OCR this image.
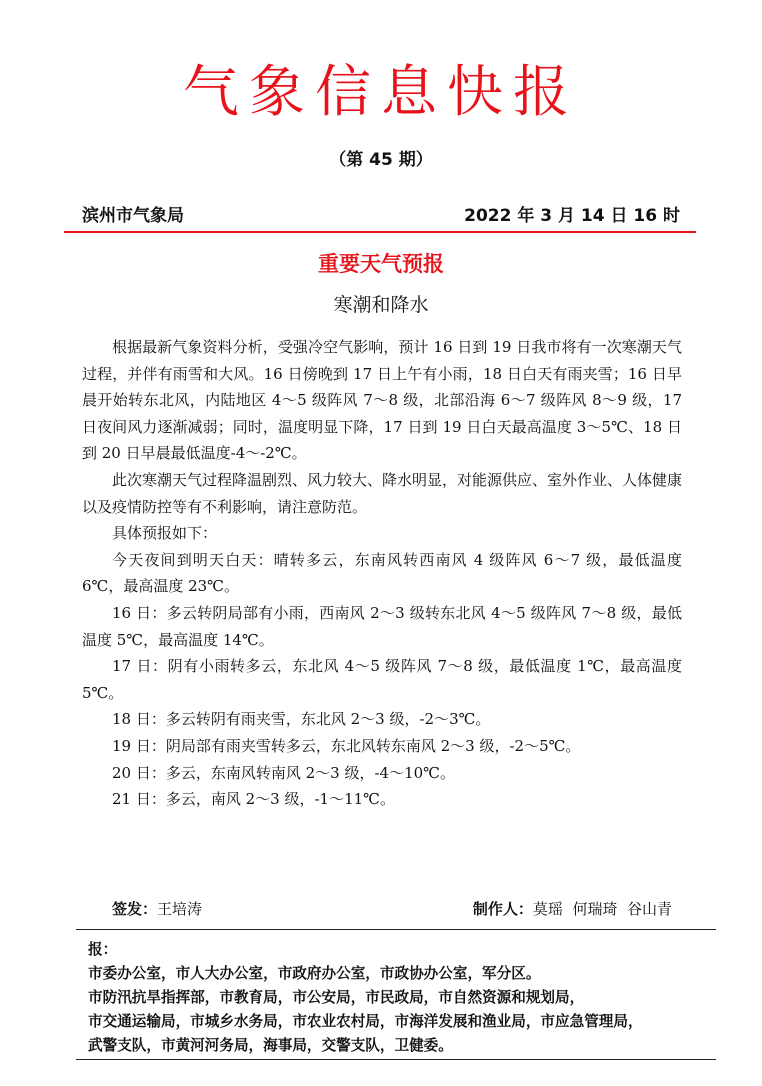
气象信息快报
（第 45 期）
滨州市气象局	2022 年 3 月 14 日 16 时
重要天气预报
寒潮和降水

根据最新气象资料分析，受强冷空气影响，预计 16 日到 19 日我市将有一次寒潮天气过程，并伴有雨雪和大风。16 日傍晚到 17 日上午有小雨，18 日白天有雨夹雪；16 日早晨开始转东北风，内陆地区 4～5 级阵风 7～8 级，北部沿海 6～7 级阵风 8～9 级，17 日夜间风力逐渐减弱；同时，温度明显下降，17 日到 19 日白天最高温度 3～5℃、18 日到 20 日早晨最低温度-4～-2℃。

此次寒潮天气过程降温剧烈、风力较大、降水明显，对能源供应、室外作业、人体健康以及疫情防控等有不利影响，请注意防范。

具体预报如下：

今天夜间到明天白天：晴转多云，东南风转西南风 4 级阵风 6～7 级，最低温度 6℃，最高温度 23℃。

16 日：多云转阴局部有小雨，西南风 2～3 级转东北风 4～5 级阵风 7～8 级，最低温度 5℃，最高温度 14℃。

17 日：阴有小雨转多云，东北风 4～5 级阵风 7～8 级，最低温度 1℃，最高温度 5℃。

18 日：多云转阴有雨夹雪，东北风 2～3 级，-2～3℃。

19 日：阴局部有雨夹雪转多云，东北风转东南风 2～3 级，-2～5℃。

20 日：多云，东南风转南风 2～3 级，-4～10℃。

21 日：多云，南风 2～3 级，-1～11℃。

签发：王培涛	制作人：莫瑶  何瑞琦  谷山青
报：
市委办公室，市人大办公室，市政府办公室，市政协办公室，军分区。
市防汛抗旱指挥部，市教育局，市公安局，市民政局，市自然资源和规划局，
市交通运输局，市城乡水务局，市农业农村局，市海洋发展和渔业局，市应急管理局，
武警支队，市黄河河务局，海事局，交警支队，卫健委。
